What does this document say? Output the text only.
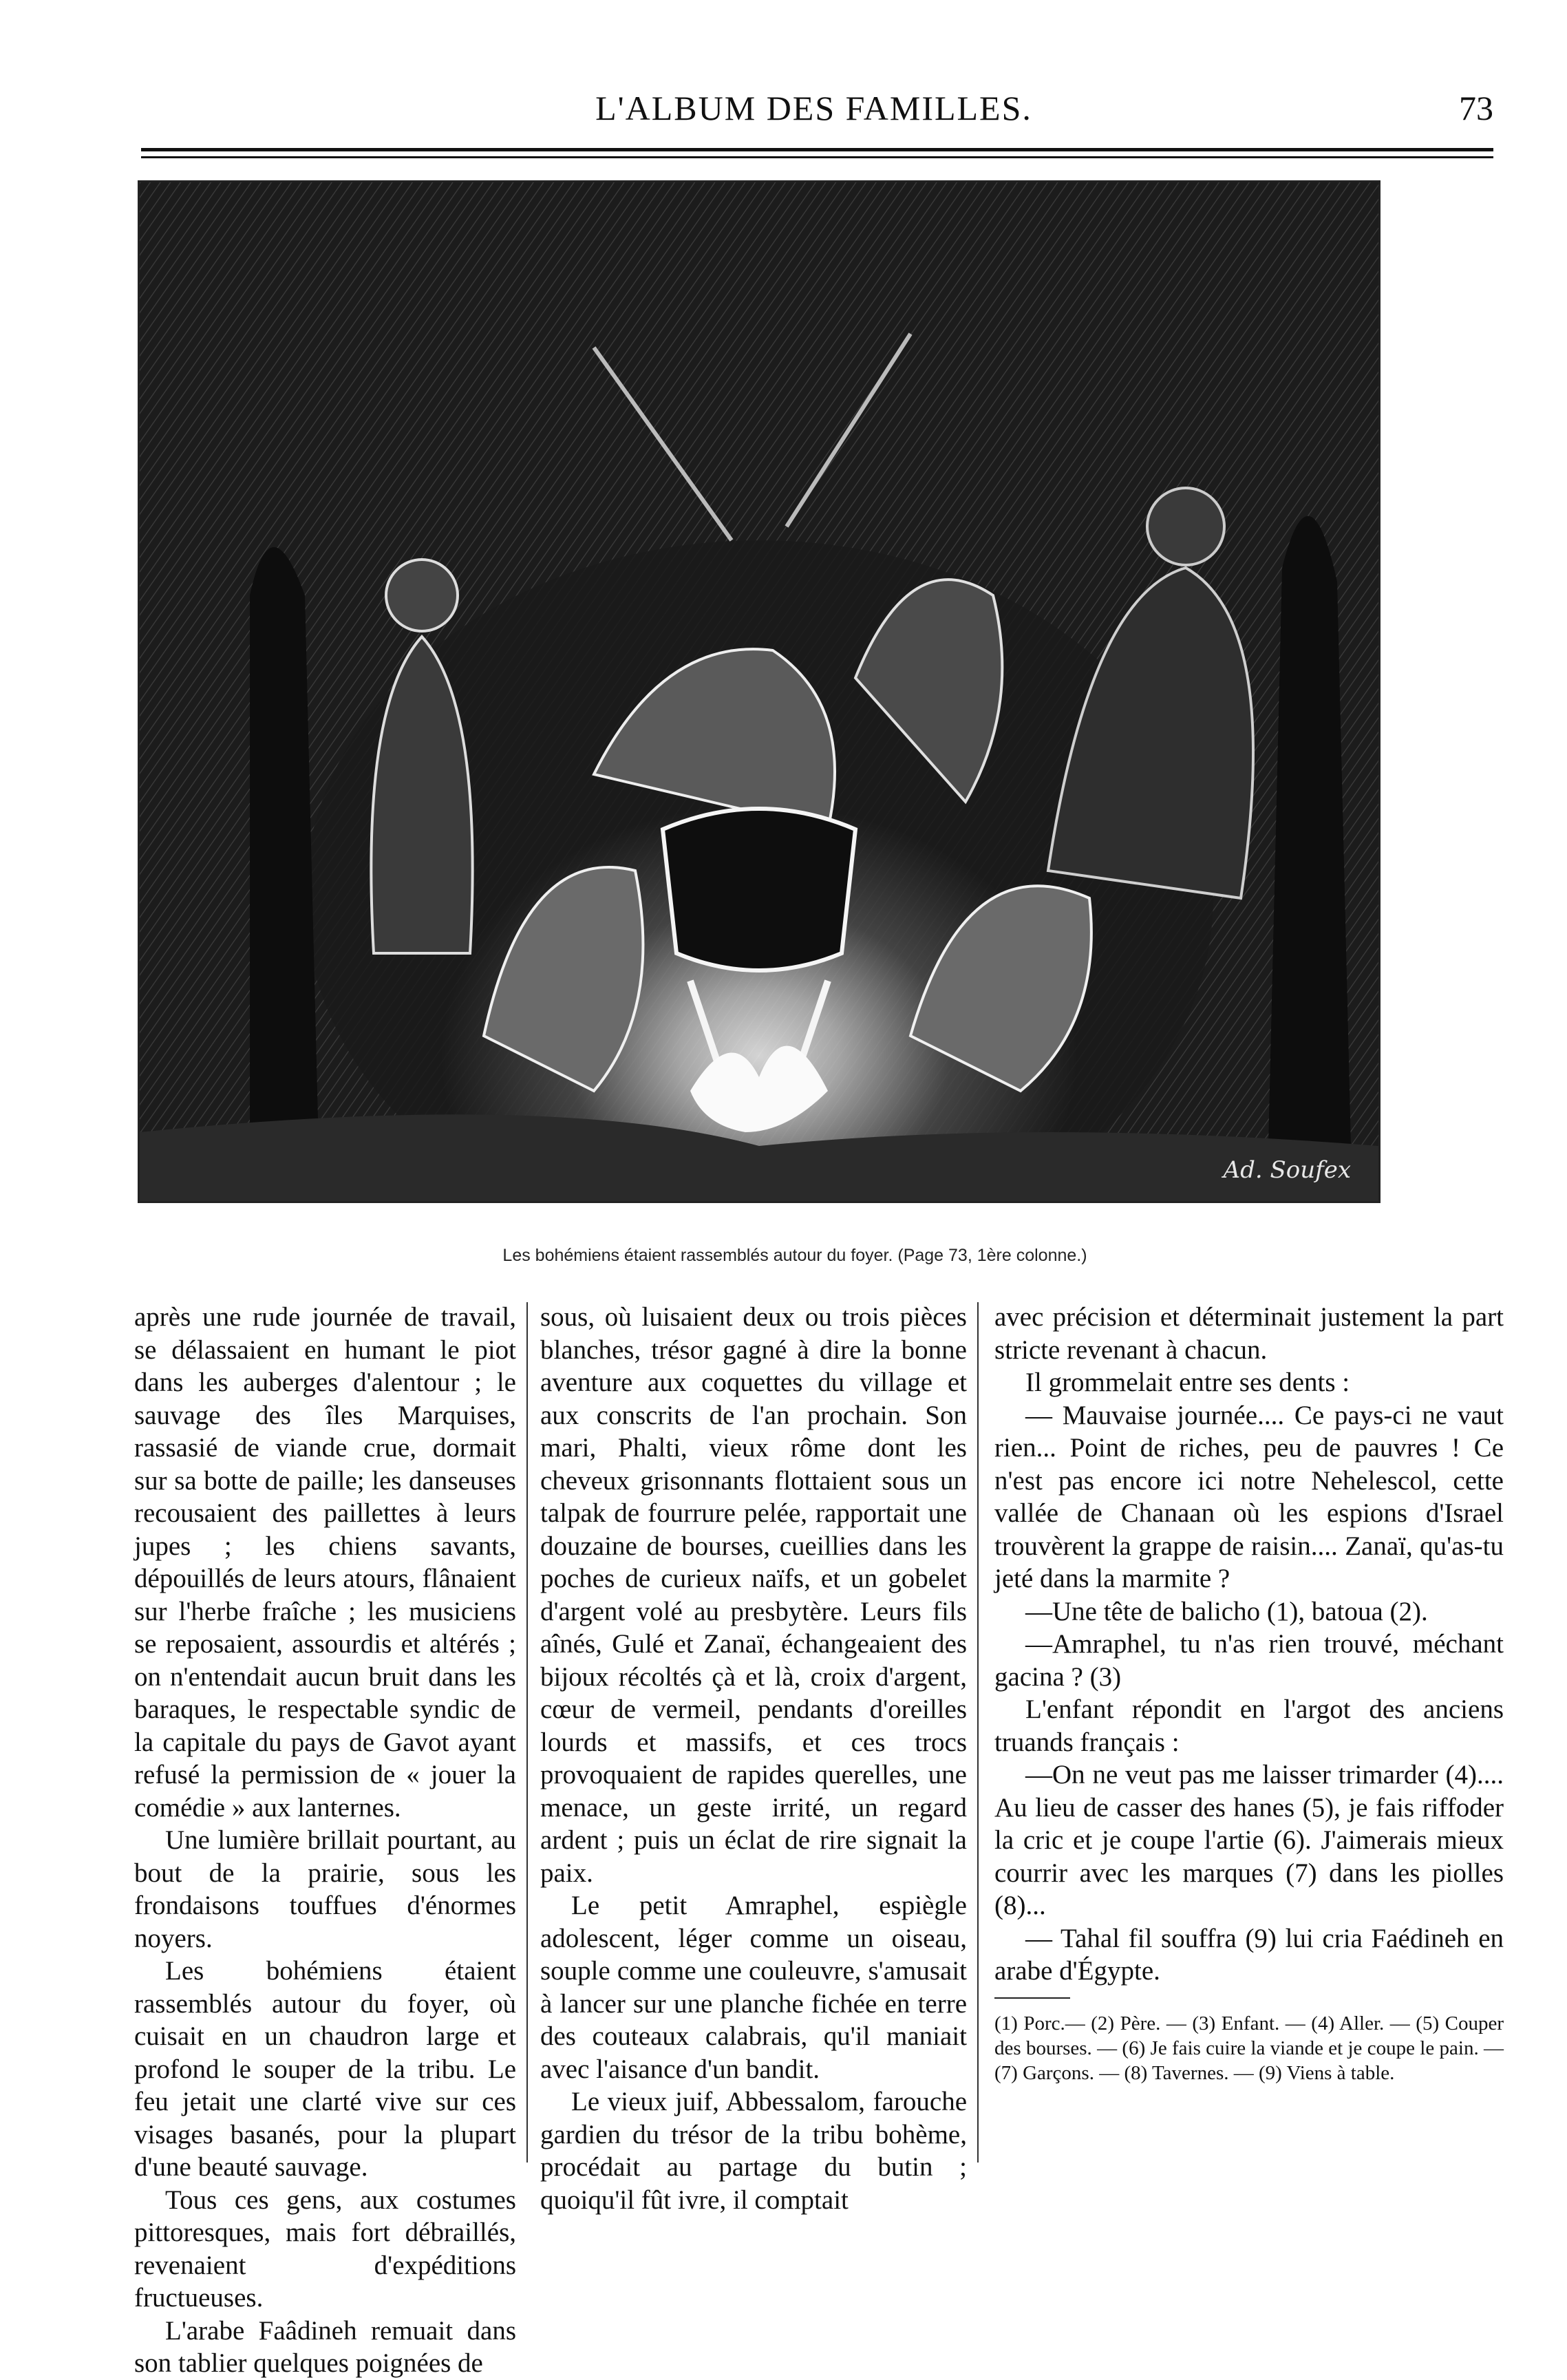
L'ALBUM DES FAMILLES.	73
Ad. Soufex
Les bohémiens étaient rassemblés autour du foyer. (Page 73, 1ère colonne.)

après une rude journée de travail, se délassaient en humant le piot dans les auberges d'alentour ; le sauvage des îles Marquises, rassasié de viande crue, dormait sur sa botte de paille; les danseuses recousaient des paillettes à leurs jupes ; les chiens savants, dépouillés de leurs atours, flânaient sur l'herbe fraîche ; les musiciens se reposaient, assourdis et altérés ; on n'entendait aucun bruit dans les baraques, le respectable syndic de la capitale du pays de Gavot ayant refusé la permission de « jouer la comédie » aux lanternes.

Une lumière brillait pourtant, au bout de la prairie, sous les frondaisons touffues d'énormes noyers.

Les bohémiens étaient rassemblés autour du foyer, où cuisait en un chaudron large et profond le souper de la tribu. Le feu jetait une clarté vive sur ces visages basanés, pour la plupart d'une beauté sauvage.

Tous ces gens, aux costumes pittoresques, mais fort débraillés, revenaient d'expéditions fructueuses.

L'arabe Faâdineh remuait dans son tablier quelques poignées de

sous, où luisaient deux ou trois pièces blanches, trésor gagné à dire la bonne aventure aux coquettes du village et aux conscrits de l'an prochain. Son mari, Phalti, vieux rôme dont les cheveux grisonnants flottaient sous un talpak de fourrure pelée, rapportait une douzaine de bourses, cueillies dans les poches de curieux naïfs, et un gobelet d'argent volé au presbytère. Leurs fils aînés, Gulé et Zanaï, échangeaient des bijoux récoltés çà et là, croix d'argent, cœur de vermeil, pendants d'oreilles lourds et massifs, et ces trocs provoquaient de rapides querelles, une menace, un geste irrité, un regard ardent ; puis un éclat de rire signait la paix.

Le petit Amraphel, espiègle adolescent, léger comme un oiseau, souple comme une couleuvre, s'amusait à lancer sur une planche fichée en terre des couteaux calabrais, qu'il maniait avec l'aisance d'un bandit.

Le vieux juif, Abbessalom, farouche gardien du trésor de la tribu bohème, procédait au partage du butin ; quoiqu'il fût ivre, il comptait

avec précision et déterminait justement la part stricte revenant à chacun.

Il grommelait entre ses dents :

— Mauvaise journée.... Ce pays-ci ne vaut rien... Point de riches, peu de pauvres ! Ce n'est pas encore ici notre Nehelescol, cette vallée de Chanaan où les espions d'Israel trouvèrent la grappe de raisin.... Zanaï, qu'as-tu jeté dans la marmite ?

—Une tête de balicho (1), batoua (2).

—Amraphel, tu n'as rien trouvé, méchant gacina ? (3)

L'enfant répondit en l'argot des anciens truands français :

—On ne veut pas me laisser trimarder (4).... Au lieu de casser des hanes (5), je fais riffoder la cric et je coupe l'artie (6). J'aimerais mieux courrir avec les marques (7) dans les piolles (8)...

— Tahal fil souffra (9) lui cria Faédineh en arabe d'Égypte.

(1) Porc.— (2) Père. — (3) Enfant. — (4) Aller. — (5) Couper des bourses. — (6) Je fais cuire la viande et je coupe le pain. — (7) Garçons. — (8) Tavernes. — (9) Viens à table.
